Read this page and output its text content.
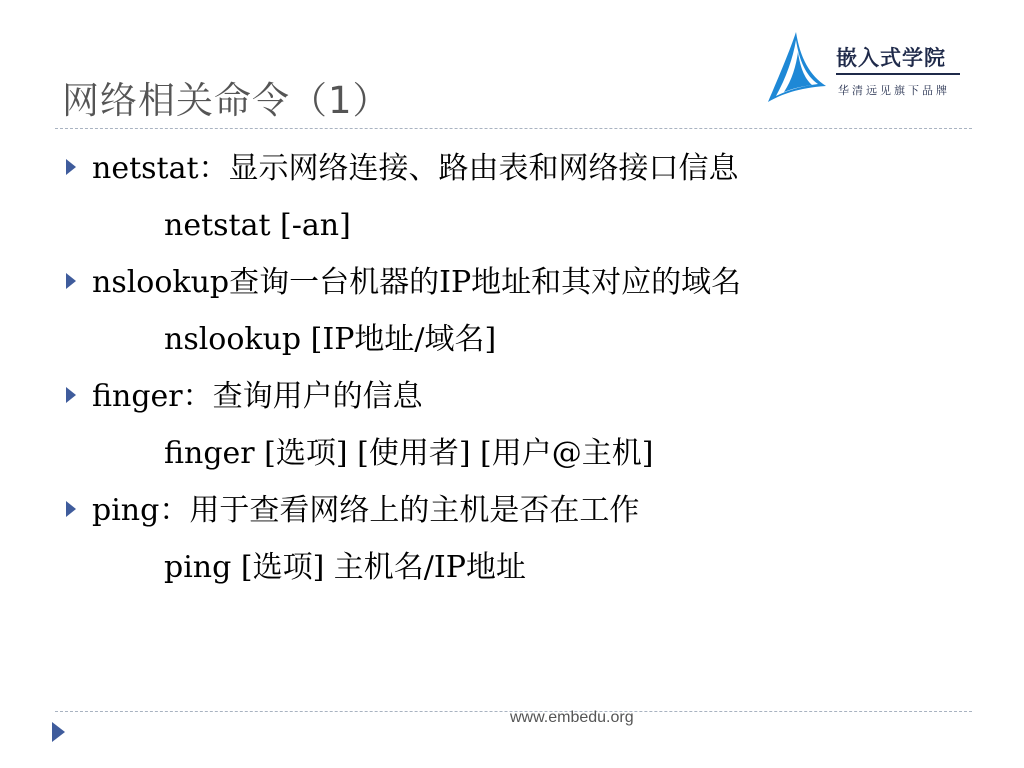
网络相关命令（1）
嵌入式学院
华清远见旗下品牌
netstat：显示网络连接、路由表和网络接口信息
netstat [-an]
nslookup查询一台机器的IP地址和其对应的域名
nslookup [IP地址/域名]
finger：查询用户的信息
finger [选项] [使用者] [用户@主机]
ping：用于查看网络上的主机是否在工作
ping [选项] 主机名/IP地址
www.embedu.org
